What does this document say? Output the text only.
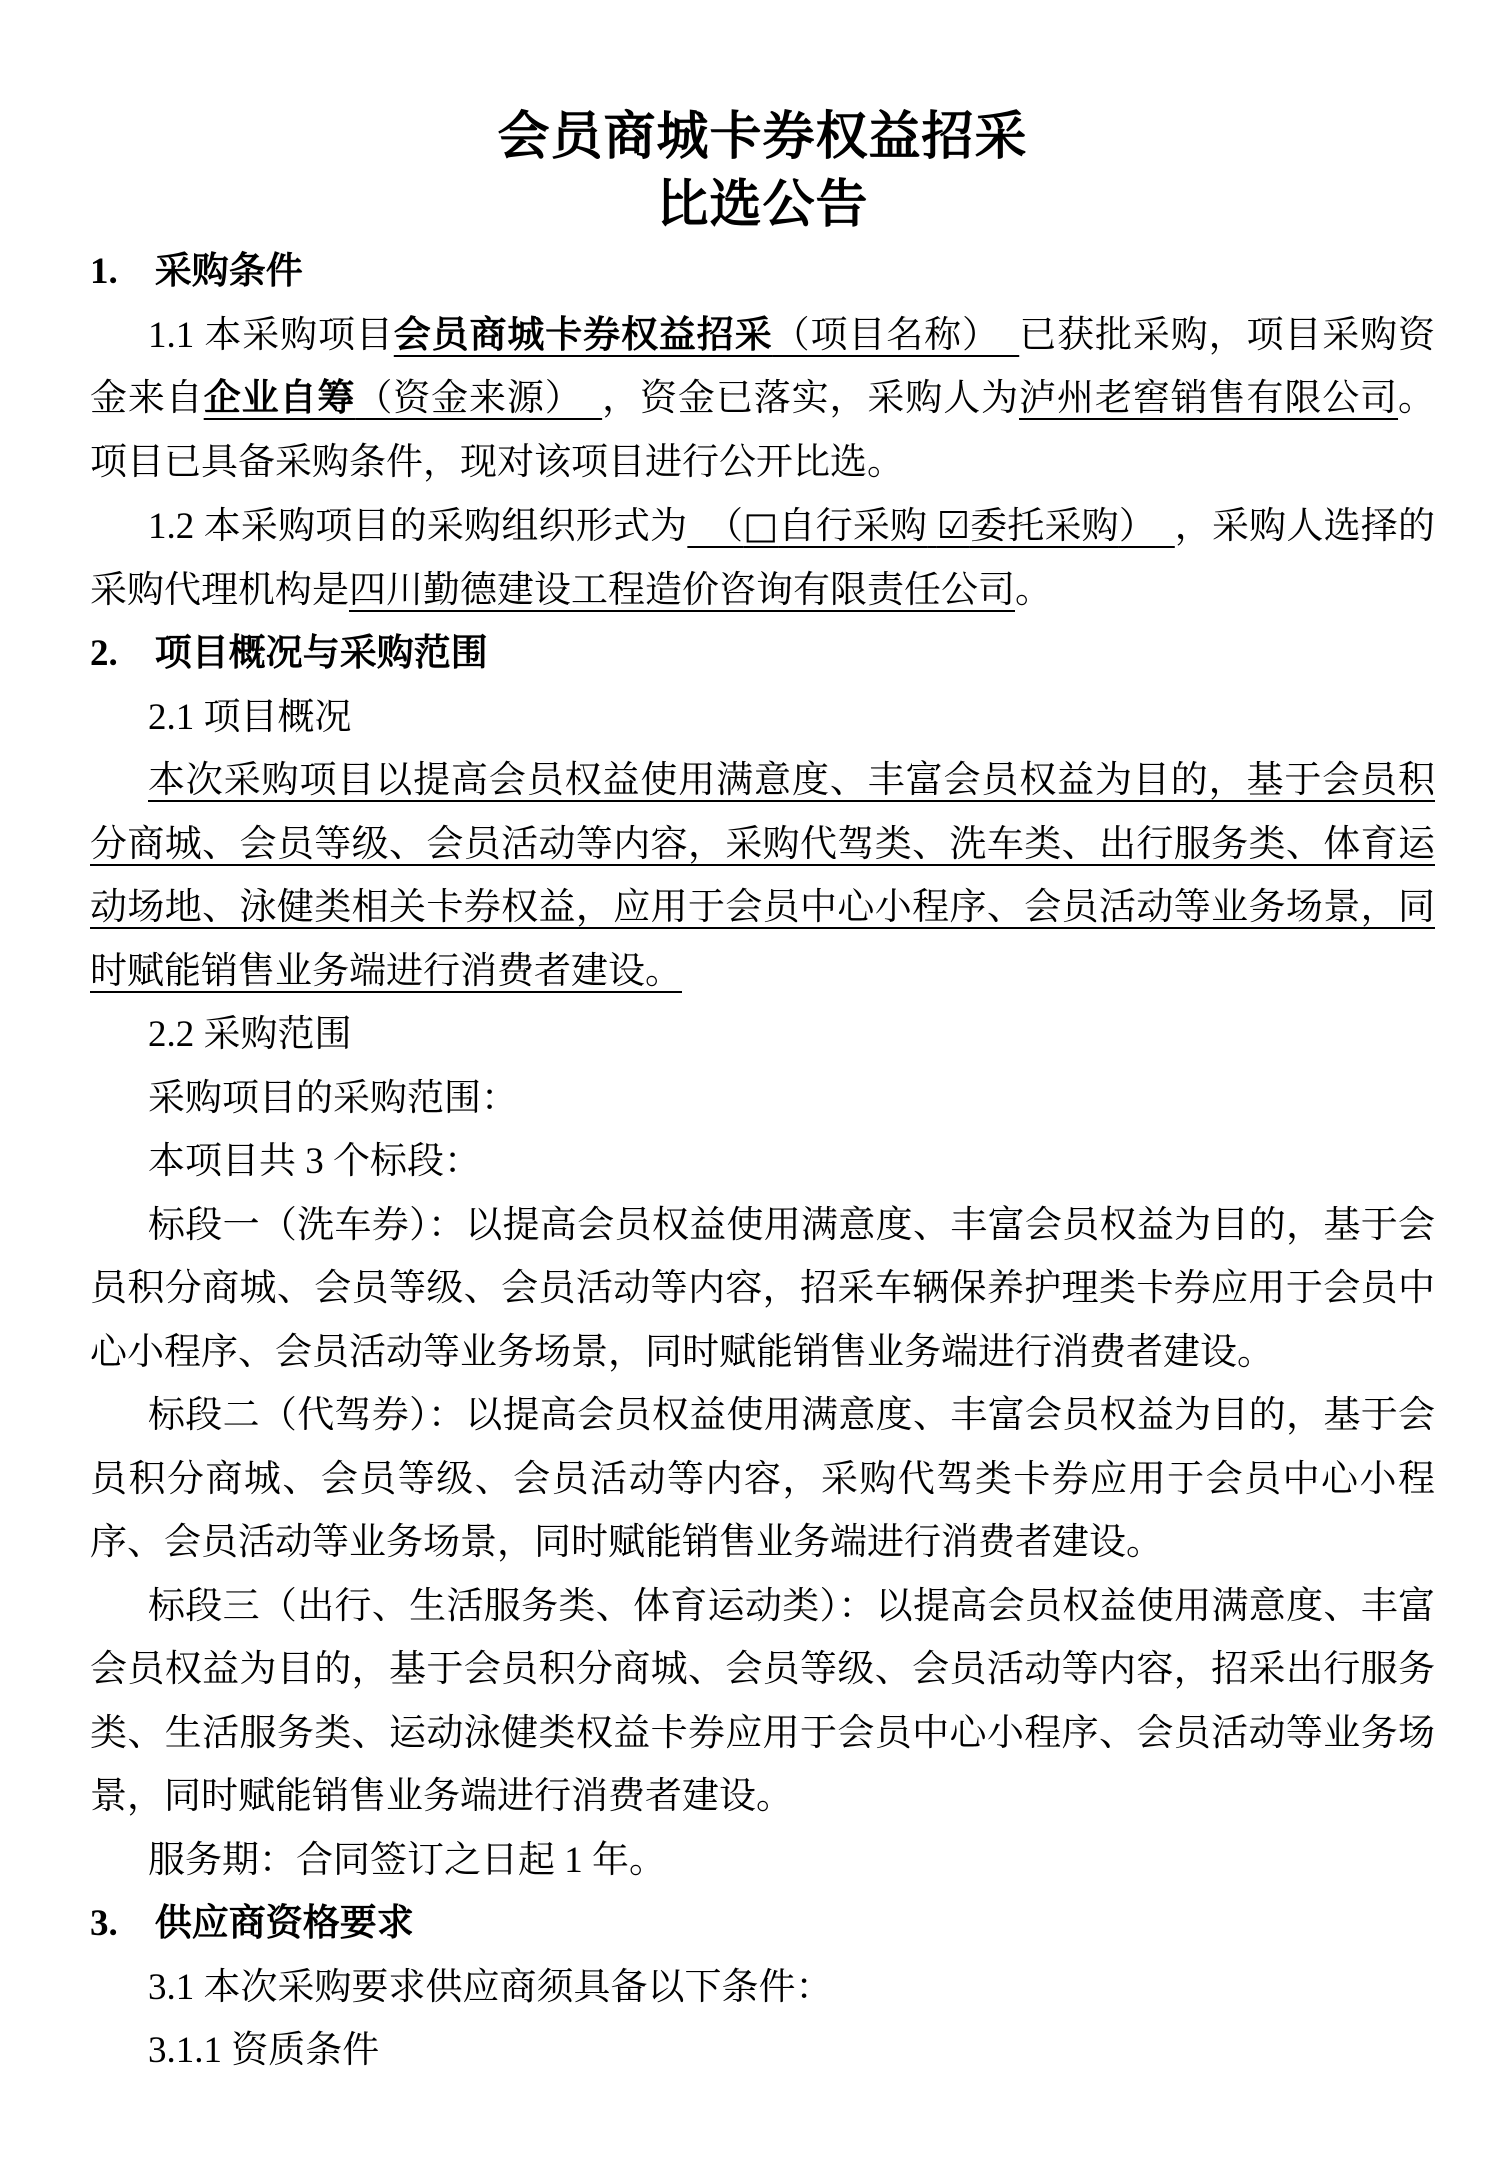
会员商城卡券权益招采
比选公告

1.　采购条件

1.1 本采购项目会员商城卡券权益招采（项目名称）　已获批采购，项目采购资金来自企业自筹（资金来源）　，资金已落实，采购人为泸州老窖销售有限公司。项目已具备采购条件，现对该项目进行公开比选。

1.2 本采购项目的采购组织形式为　（□自行采购 ☑委托采购）　，采购人选择的采购代理机构是四川勤德建设工程造价咨询有限责任公司。

2.　项目概况与采购范围

2.1 项目概况

本次采购项目以提高会员权益使用满意度、丰富会员权益为目的，基于会员积分商城、会员等级、会员活动等内容，采购代驾类、洗车类、出行服务类、体育运动场地、泳健类相关卡券权益，应用于会员中心小程序、会员活动等业务场景，同时赋能销售业务端进行消费者建设。

2.2 采购范围

采购项目的采购范围：

本项目共 3 个标段：

标段一（洗车券）：以提高会员权益使用满意度、丰富会员权益为目的，基于会员积分商城、会员等级、会员活动等内容，招采车辆保养护理类卡券应用于会员中心小程序、会员活动等业务场景，同时赋能销售业务端进行消费者建设。

标段二（代驾券）：以提高会员权益使用满意度、丰富会员权益为目的，基于会员积分商城、会员等级、会员活动等内容，采购代驾类卡券应用于会员中心小程序、会员活动等业务场景，同时赋能销售业务端进行消费者建设。

标段三（出行、生活服务类、体育运动类）：以提高会员权益使用满意度、丰富会员权益为目的，基于会员积分商城、会员等级、会员活动等内容，招采出行服务类、生活服务类、运动泳健类权益卡券应用于会员中心小程序、会员活动等业务场景，同时赋能销售业务端进行消费者建设。

服务期：合同签订之日起 1 年。

3.　供应商资格要求

3.1 本次采购要求供应商须具备以下条件：

3.1.1 资质条件
